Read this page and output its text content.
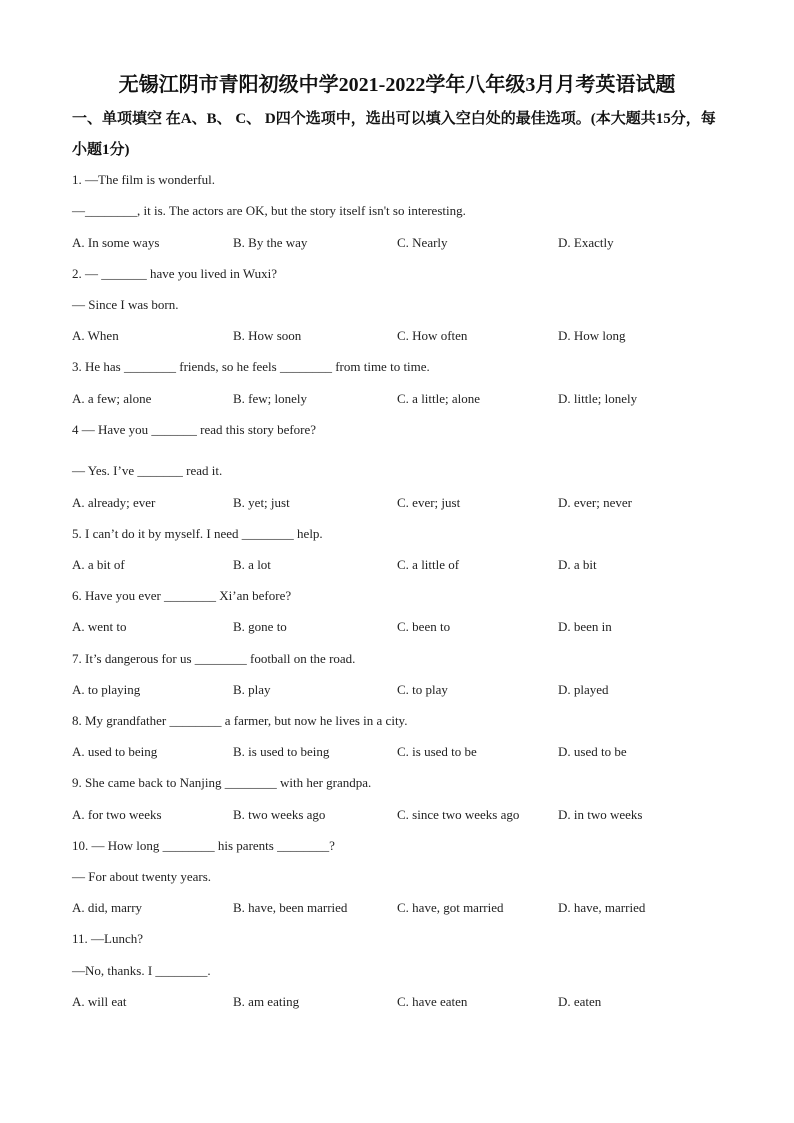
无锡江阴市青阳初级中学2021-2022学年八年级3月月考英语试题
一、单项填空 在A、B、 C、 D四个选项中，选出可以填入空白处的最佳选项。(本大题共15分，每小题1分)
1. —The film is wonderful.
—________, it is. The actors are OK, but the story itself isn't so interesting.
A. In some ways	B. By the way	C. Nearly	D. Exactly
2. — _______ have you lived in Wuxi?
— Since I was born.
A. When	B. How soon	C. How often	D. How long
3. He has ________ friends, so he feels ________ from time to time.
A. a few; alone	B. few; lonely	C. a little; alone	D. little; lonely
4 — Have you _______ read this story before?
— Yes. I’ve _______ read it.
A. already; ever	B. yet; just	C. ever; just	D. ever; never
5. I can’t do it by myself. I need ________ help.
A. a bit of	B. a lot	C. a little of	D. a bit
6. Have you ever ________ Xi’an before?
A. went to	B. gone to	C. been to	D. been in
7. It’s dangerous for us ________ football on the road.
A. to playing	B. play	C. to play	D. played
8. My grandfather ________ a farmer, but now he lives in a city.
A. used to being	B. is used to being	C. is used to be	D. used to be
9. She came back to Nanjing ________ with her grandpa.
A. for two weeks	B. two weeks ago	C. since two weeks ago	D. in two weeks
10. — How long ________ his parents ________?
— For about twenty years.
A. did, marry	B. have, been married	C. have, got married	D. have, married
11. —Lunch?
—No, thanks. I ________.
A. will eat	B. am eating	C. have eaten	D. eaten
